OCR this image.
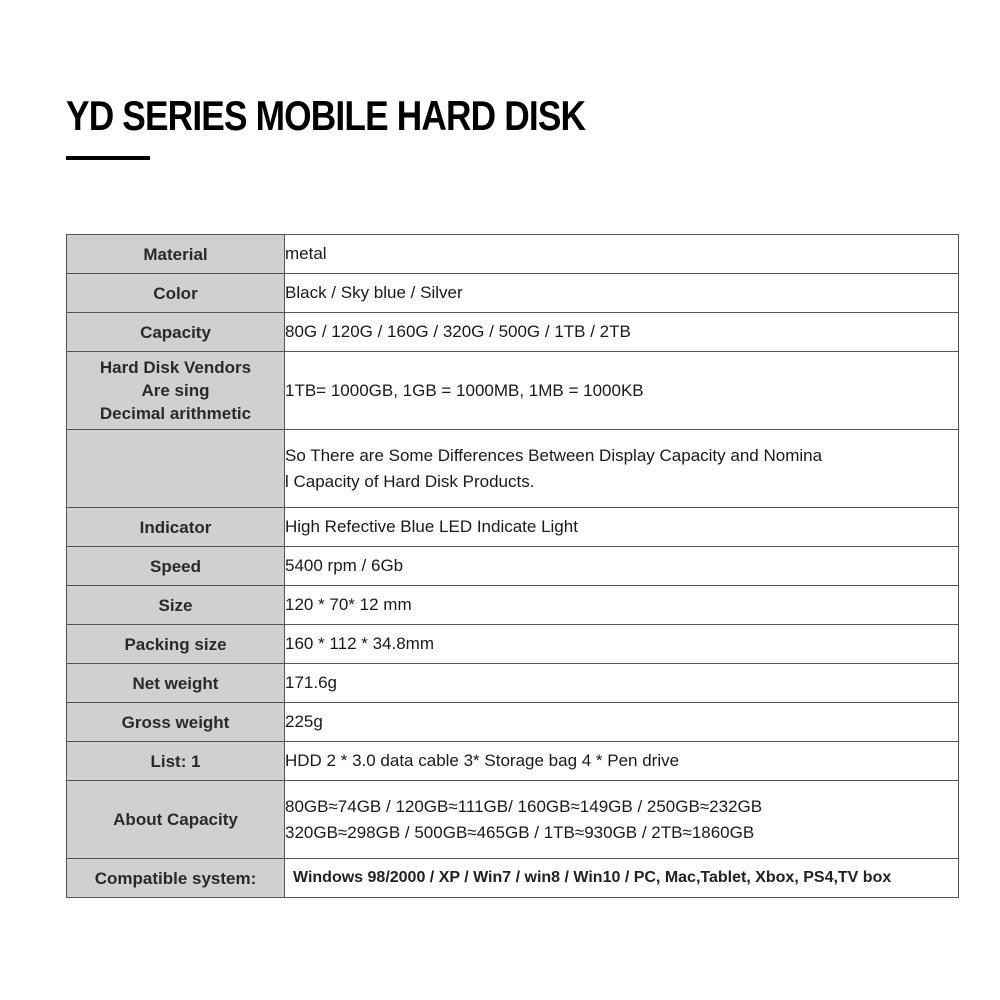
YD SERIES MOBILE HARD DISK
Material	metal
Color	Black / Sky blue / Silver
Capacity	80G / 120G / 160G / 320G / 500G / 1TB / 2TB

Hard Disk Vendors
Are sing
Decimal arithmetic	1TB= 1000GB, 1GB = 1000MB, 1MB = 1000KB

	So There are Some Differences Between Display Capacity and Nomina
l Capacity of Hard Disk Products.

Indicator	High Refective Blue LED Indicate Light
Speed	5400 rpm / 6Gb
Size	120 * 70* 12 mm
Packing size	160 * 112 * 34.8mm
Net weight	171.6g
Gross weight	225g
List: 1	HDD 2 * 3.0 data cable 3* Storage bag 4 * Pen drive
About Capacity	80GB≈74GB / 120GB≈111GB/ 160GB≈149GB / 250GB≈232GB
320GB≈298GB / 500GB≈465GB / 1TB≈930GB / 2TB≈1860GB

Compatible system:	Windows 98/2000 / XP / Win7 / win8 / Win10 / PC, Mac,Tablet, Xbox, PS4,TV box
